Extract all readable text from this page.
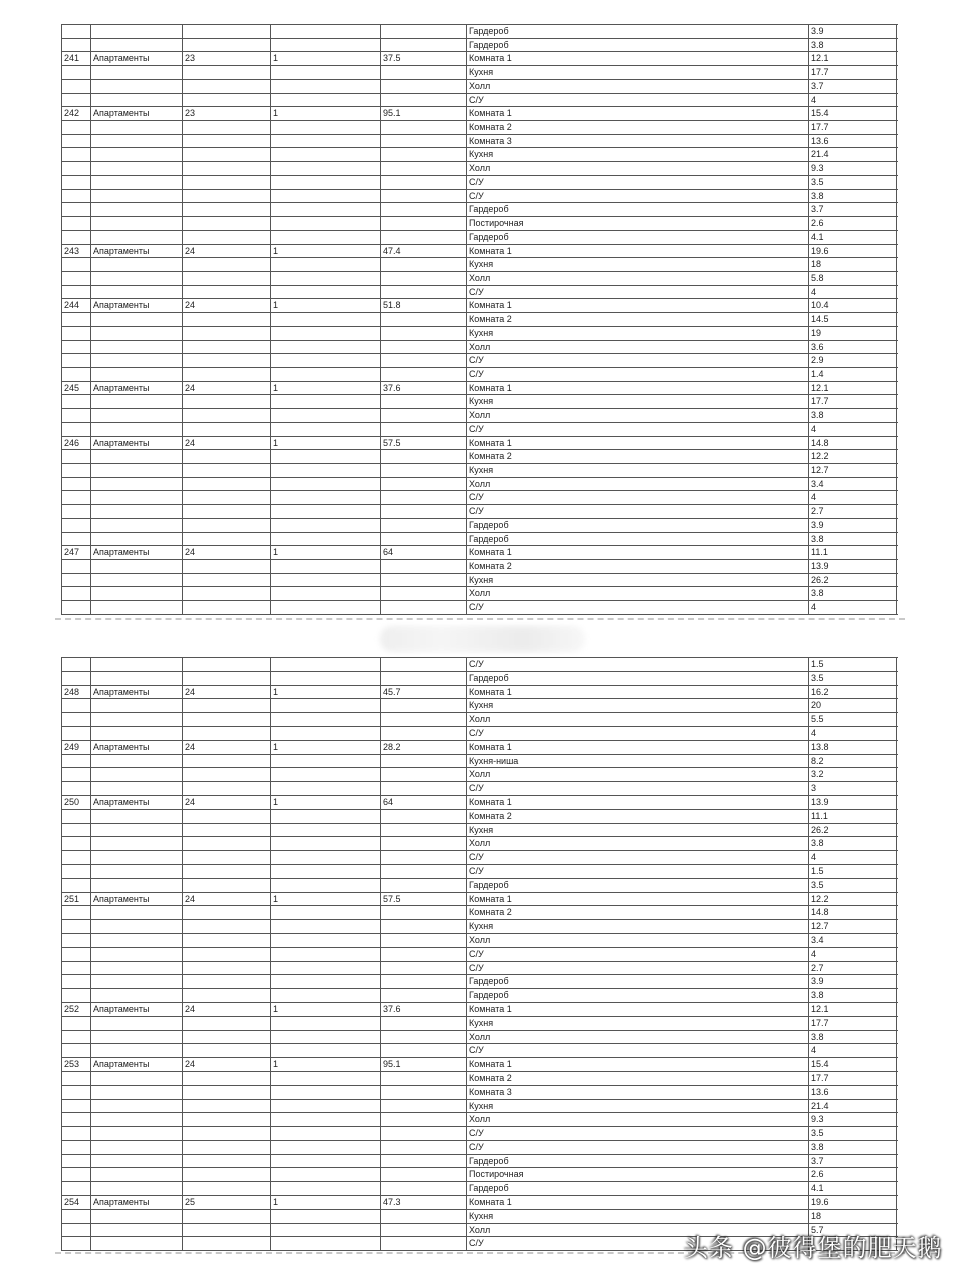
Гардероб	3.9
Гардероб	3.8
241	Апартаменты	23	1	37.5	Комната 1	12.1
Кухня	17.7
Холл	3.7
С/У	4
242	Апартаменты	23	1	95.1	Комната 1	15.4
Комната 2	17.7
Комната 3	13.6
Кухня	21.4
Холл	9.3
С/У	3.5
С/У	3.8
Гардероб	3.7
Постирочная	2.6
Гардероб	4.1
243	Апартаменты	24	1	47.4	Комната 1	19.6
Кухня	18
Холл	5.8
С/У	4
244	Апартаменты	24	1	51.8	Комната 1	10.4
Комната 2	14.5
Кухня	19
Холл	3.6
С/У	2.9
С/У	1.4
245	Апартаменты	24	1	37.6	Комната 1	12.1
Кухня	17.7
Холл	3.8
С/У	4
246	Апартаменты	24	1	57.5	Комната 1	14.8
Комната 2	12.2
Кухня	12.7
Холл	3.4
С/У	4
С/У	2.7
Гардероб	3.9
Гардероб	3.8
247	Апартаменты	24	1	64	Комната 1	11.1
Комната 2	13.9
Кухня	26.2
Холл	3.8
С/У	4
С/У	1.5
Гардероб	3.5
248	Апартаменты	24	1	45.7	Комната 1	16.2
Кухня	20
Холл	5.5
С/У	4
249	Апартаменты	24	1	28.2	Комната 1	13.8
Кухня-ниша	8.2
Холл	3.2
С/У	3
250	Апартаменты	24	1	64	Комната 1	13.9
Комната 2	11.1
Кухня	26.2
Холл	3.8
С/У	4
С/У	1.5
Гардероб	3.5
251	Апартаменты	24	1	57.5	Комната 1	12.2
Комната 2	14.8
Кухня	12.7
Холл	3.4
С/У	4
С/У	2.7
Гардероб	3.9
Гардероб	3.8
252	Апартаменты	24	1	37.6	Комната 1	12.1
Кухня	17.7
Холл	3.8
С/У	4
253	Апартаменты	24	1	95.1	Комната 1	15.4
Комната 2	17.7
Комната 3	13.6
Кухня	21.4
Холл	9.3
С/У	3.5
С/У	3.8
Гардероб	3.7
Постирочная	2.6
Гардероб	4.1
254	Апартаменты	25	1	47.3	Комната 1	19.6
Кухня	18
Холл	5.7
С/У	头条 @彼得堡的肥天鹅
